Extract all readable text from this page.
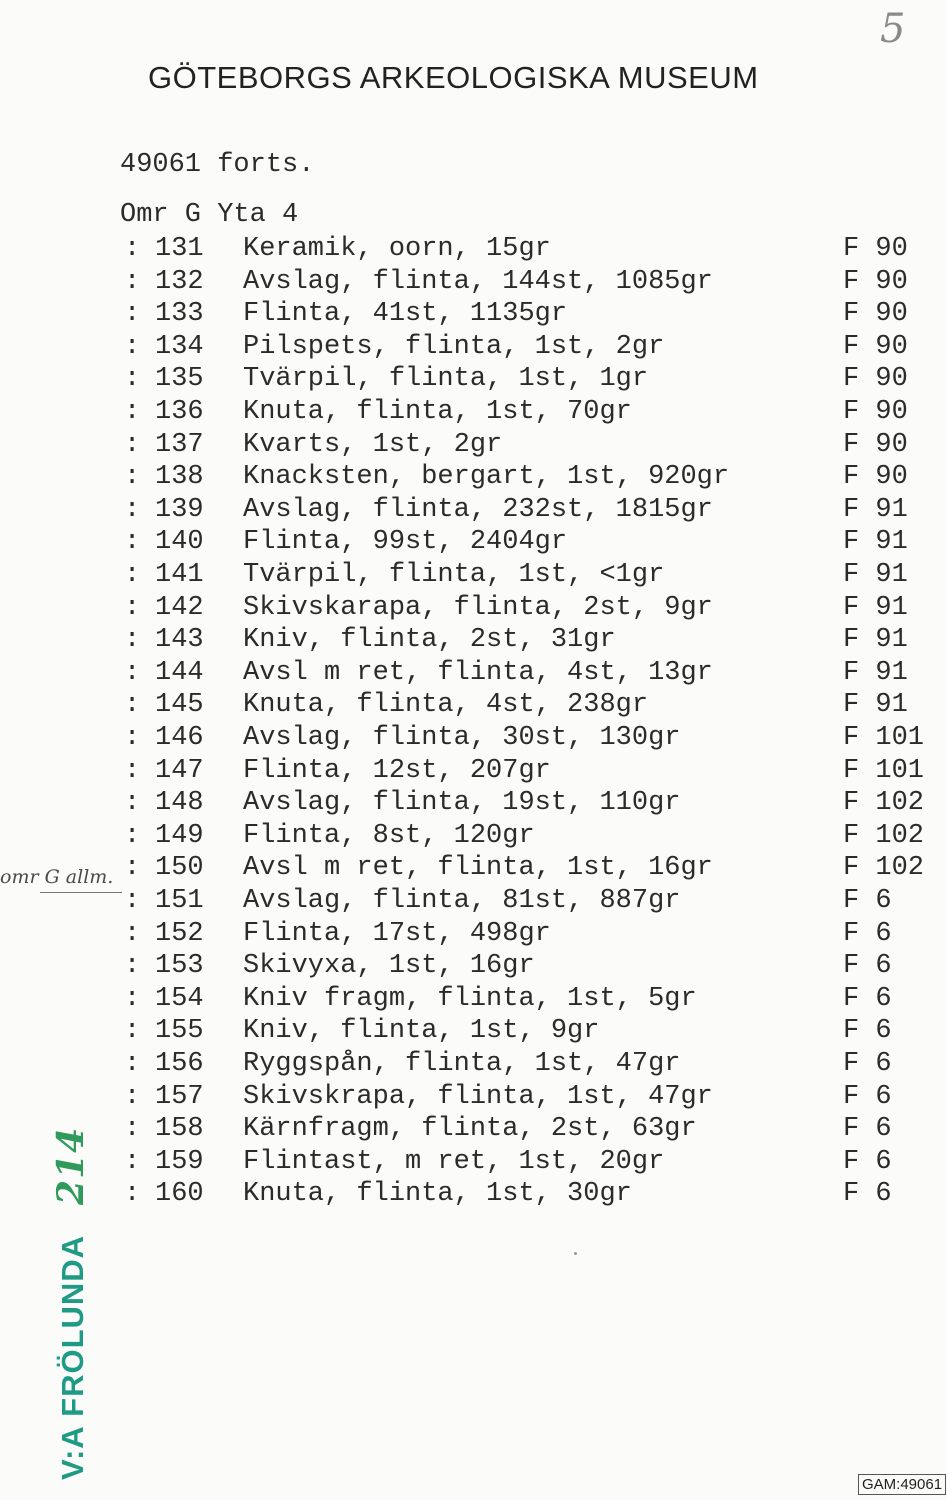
5
GÖTEBORGS ARKEOLOGISKA MUSEUM
49061 forts.
Omr G Yta 4
: 131 Keramik, oorn, 15gr	F 90
: 132 Avslag, flinta, 144st, 1085gr	F 90
: 133 Flinta, 41st, 1135gr	F 90
: 134 Pilspets, flinta, 1st, 2gr	F 90
: 135 Tvärpil, flinta, 1st, 1gr	F 90
: 136 Knuta, flinta, 1st, 70gr	F 90
: 137 Kvarts, 1st, 2gr	F 90
: 138 Knacksten, bergart, 1st, 920gr	F 90
: 139 Avslag, flinta, 232st, 1815gr	F 91
: 140 Flinta, 99st, 2404gr	F 91
: 141 Tvärpil, flinta, 1st, <1gr	F 91
: 142 Skivskarapa, flinta, 2st, 9gr	F 91
: 143 Kniv, flinta, 2st, 31gr	F 91
: 144 Avsl m ret, flinta, 4st, 13gr	F 91
: 145 Knuta, flinta, 4st, 238gr	F 91
: 146 Avslag, flinta, 30st, 130gr	F 101
: 147 Flinta, 12st, 207gr	F 101
: 148 Avslag, flinta, 19st, 110gr	F 102
: 149 Flinta, 8st, 120gr	F 102
: 150 Avsl m ret, flinta, 1st, 16gr	F 102
: 151 Avslag, flinta, 81st, 887gr	F 6
: 152 Flinta, 17st, 498gr	F 6
: 153 Skivyxa, 1st, 16gr	F 6
: 154 Kniv fragm, flinta, 1st, 5gr	F 6
: 155 Kniv, flinta, 1st, 9gr	F 6
: 156 Ryggspån, flinta, 1st, 47gr	F 6
: 157 Skivskrapa, flinta, 1st, 47gr	F 6
: 158 Kärnfragm, flinta, 2st, 63gr	F 6
: 159 Flintast, m ret, 1st, 20gr	F 6
: 160 Knuta, flinta, 1st, 30gr	F 6
omr G allm.
V:A FRÖLUNDA214
GAM:49061
